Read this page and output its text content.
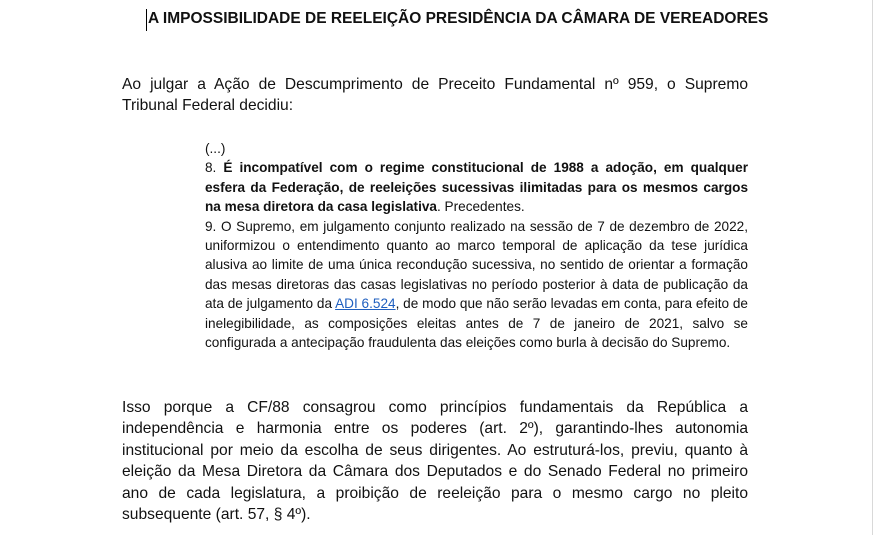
A IMPOSSIBILIDADE DE REELEIÇÃO PRESIDÊNCIA DA CÂMARA DE VEREADORES

Ao julgar a Ação de Descumprimento de Preceito Fundamental nº 959, o Supremo Tribunal Federal decidiu:

(...)
8. É incompatível com o regime constitucional de 1988 a adoção, em qualquer esfera da Federação, de reeleições sucessivas ilimitadas para os mesmos cargos na mesa diretora da casa legislativa. Precedentes.
9. O Supremo, em julgamento conjunto realizado na sessão de 7 de dezembro de 2022, uniformizou o entendimento quanto ao marco temporal de aplicação da tese jurídica alusiva ao limite de uma única recondução sucessiva, no sentido de orientar a formação das mesas diretoras das casas legislativas no período posterior à data de publicação da ata de julgamento da ADI 6.524, de modo que não serão levadas em conta, para efeito de inelegibilidade, as composições eleitas antes de 7 de janeiro de 2021, salvo se configurada a antecipação fraudulenta das eleições como burla à decisão do Supremo.

Isso porque a CF/88 consagrou como princípios fundamentais da República a independência e harmonia entre os poderes (art. 2º), garantindo-lhes autonomia institucional por meio da escolha de seus dirigentes. Ao estruturá-los, previu, quanto à eleição da Mesa Diretora da Câmara dos Deputados e do Senado Federal no primeiro ano de cada legislatura, a proibição de reeleição para o mesmo cargo no pleito subsequente (art. 57, § 4º).
